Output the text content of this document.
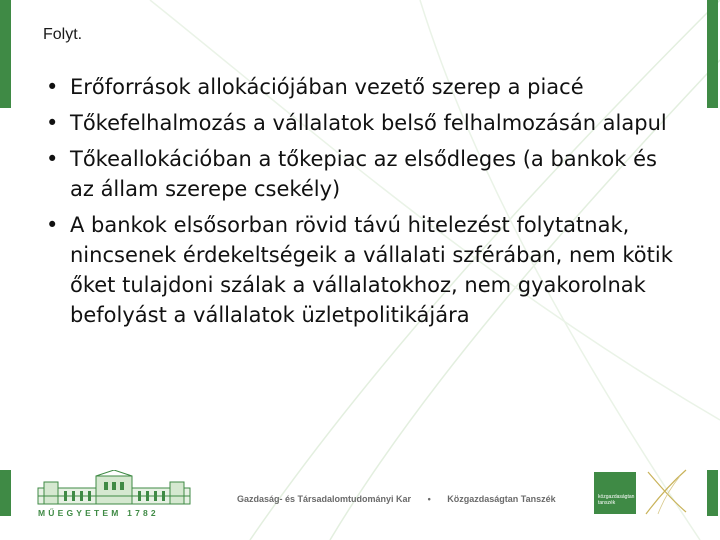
Folyt.
• Erőforrások allokációjában vezető szerep a piacé
• Tőkefelhalmozás a vállalatok belső felhalmozásán alapul
• Tőkeallokációban a tőkepiac az elsődleges (a bankok és az állam szerepe csekély)
• A bankok elsősorban rövid távú hitelezést folytatnak, nincsenek érdekeltségeik a vállalati szférában, nem kötik őket tulajdoni szálak a vállalatokhoz, nem gyakorolnak befolyást a vállalatok üzletpolitikájára
MŰEGYETEM 1782
Gazdaság- és Társadalomtudományi Kar • Közgazdaságtan Tanszék	közgazdaságtan tanszék
